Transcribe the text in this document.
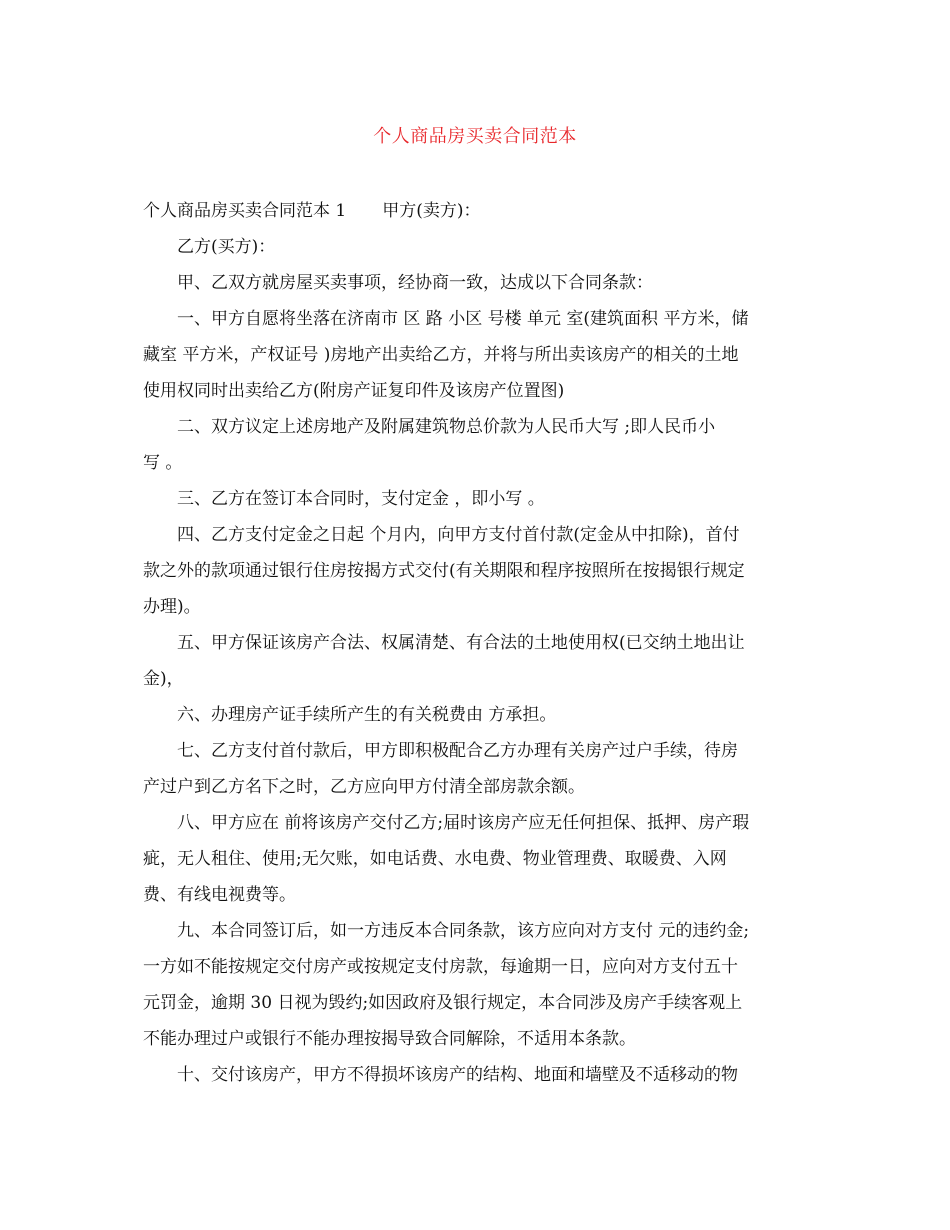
个人商品房买卖合同范本
个人商品房买卖合同范本 1 甲方(卖方)：
乙方(买方)：
甲、乙双方就房屋买卖事项，经协商一致，达成以下合同条款：
一、甲方自愿将坐落在济南市 区 路 小区 号楼 单元 室(建筑面积 平方米，储
藏室 平方米，产权证号 )房地产出卖给乙方，并将与所出卖该房产的相关的土地
使用权同时出卖给乙方(附房产证复印件及该房产位置图)
二、双方议定上述房地产及附属建筑物总价款为人民币大写 ;即人民币小
写 。
三、乙方在签订本合同时，支付定金 ，即小写 。
四、乙方支付定金之日起 个月内，向甲方支付首付款(定金从中扣除)，首付
款之外的款项通过银行住房按揭方式交付(有关期限和程序按照所在按揭银行规定
办理)。
五、甲方保证该房产合法、权属清楚、有合法的土地使用权(已交纳土地出让
金)，
六、办理房产证手续所产生的有关税费由 方承担。
七、乙方支付首付款后，甲方即积极配合乙方办理有关房产过户手续，待房
产过户到乙方名下之时，乙方应向甲方付清全部房款余额。
八、甲方应在 前将该房产交付乙方;届时该房产应无任何担保、抵押、房产瑕
疵，无人租住、使用;无欠账，如电话费、水电费、物业管理费、取暖费、入网
费、有线电视费等。
九、本合同签订后，如一方违反本合同条款，该方应向对方支付 元的违约金;
一方如不能按规定交付房产或按规定支付房款，每逾期一日，应向对方支付五十
元罚金，逾期 30 日视为毁约;如因政府及银行规定，本合同涉及房产手续客观上
不能办理过户或银行不能办理按揭导致合同解除，不适用本条款。
十、交付该房产，甲方不得损坏该房产的结构、地面和墙壁及不适移动的物
